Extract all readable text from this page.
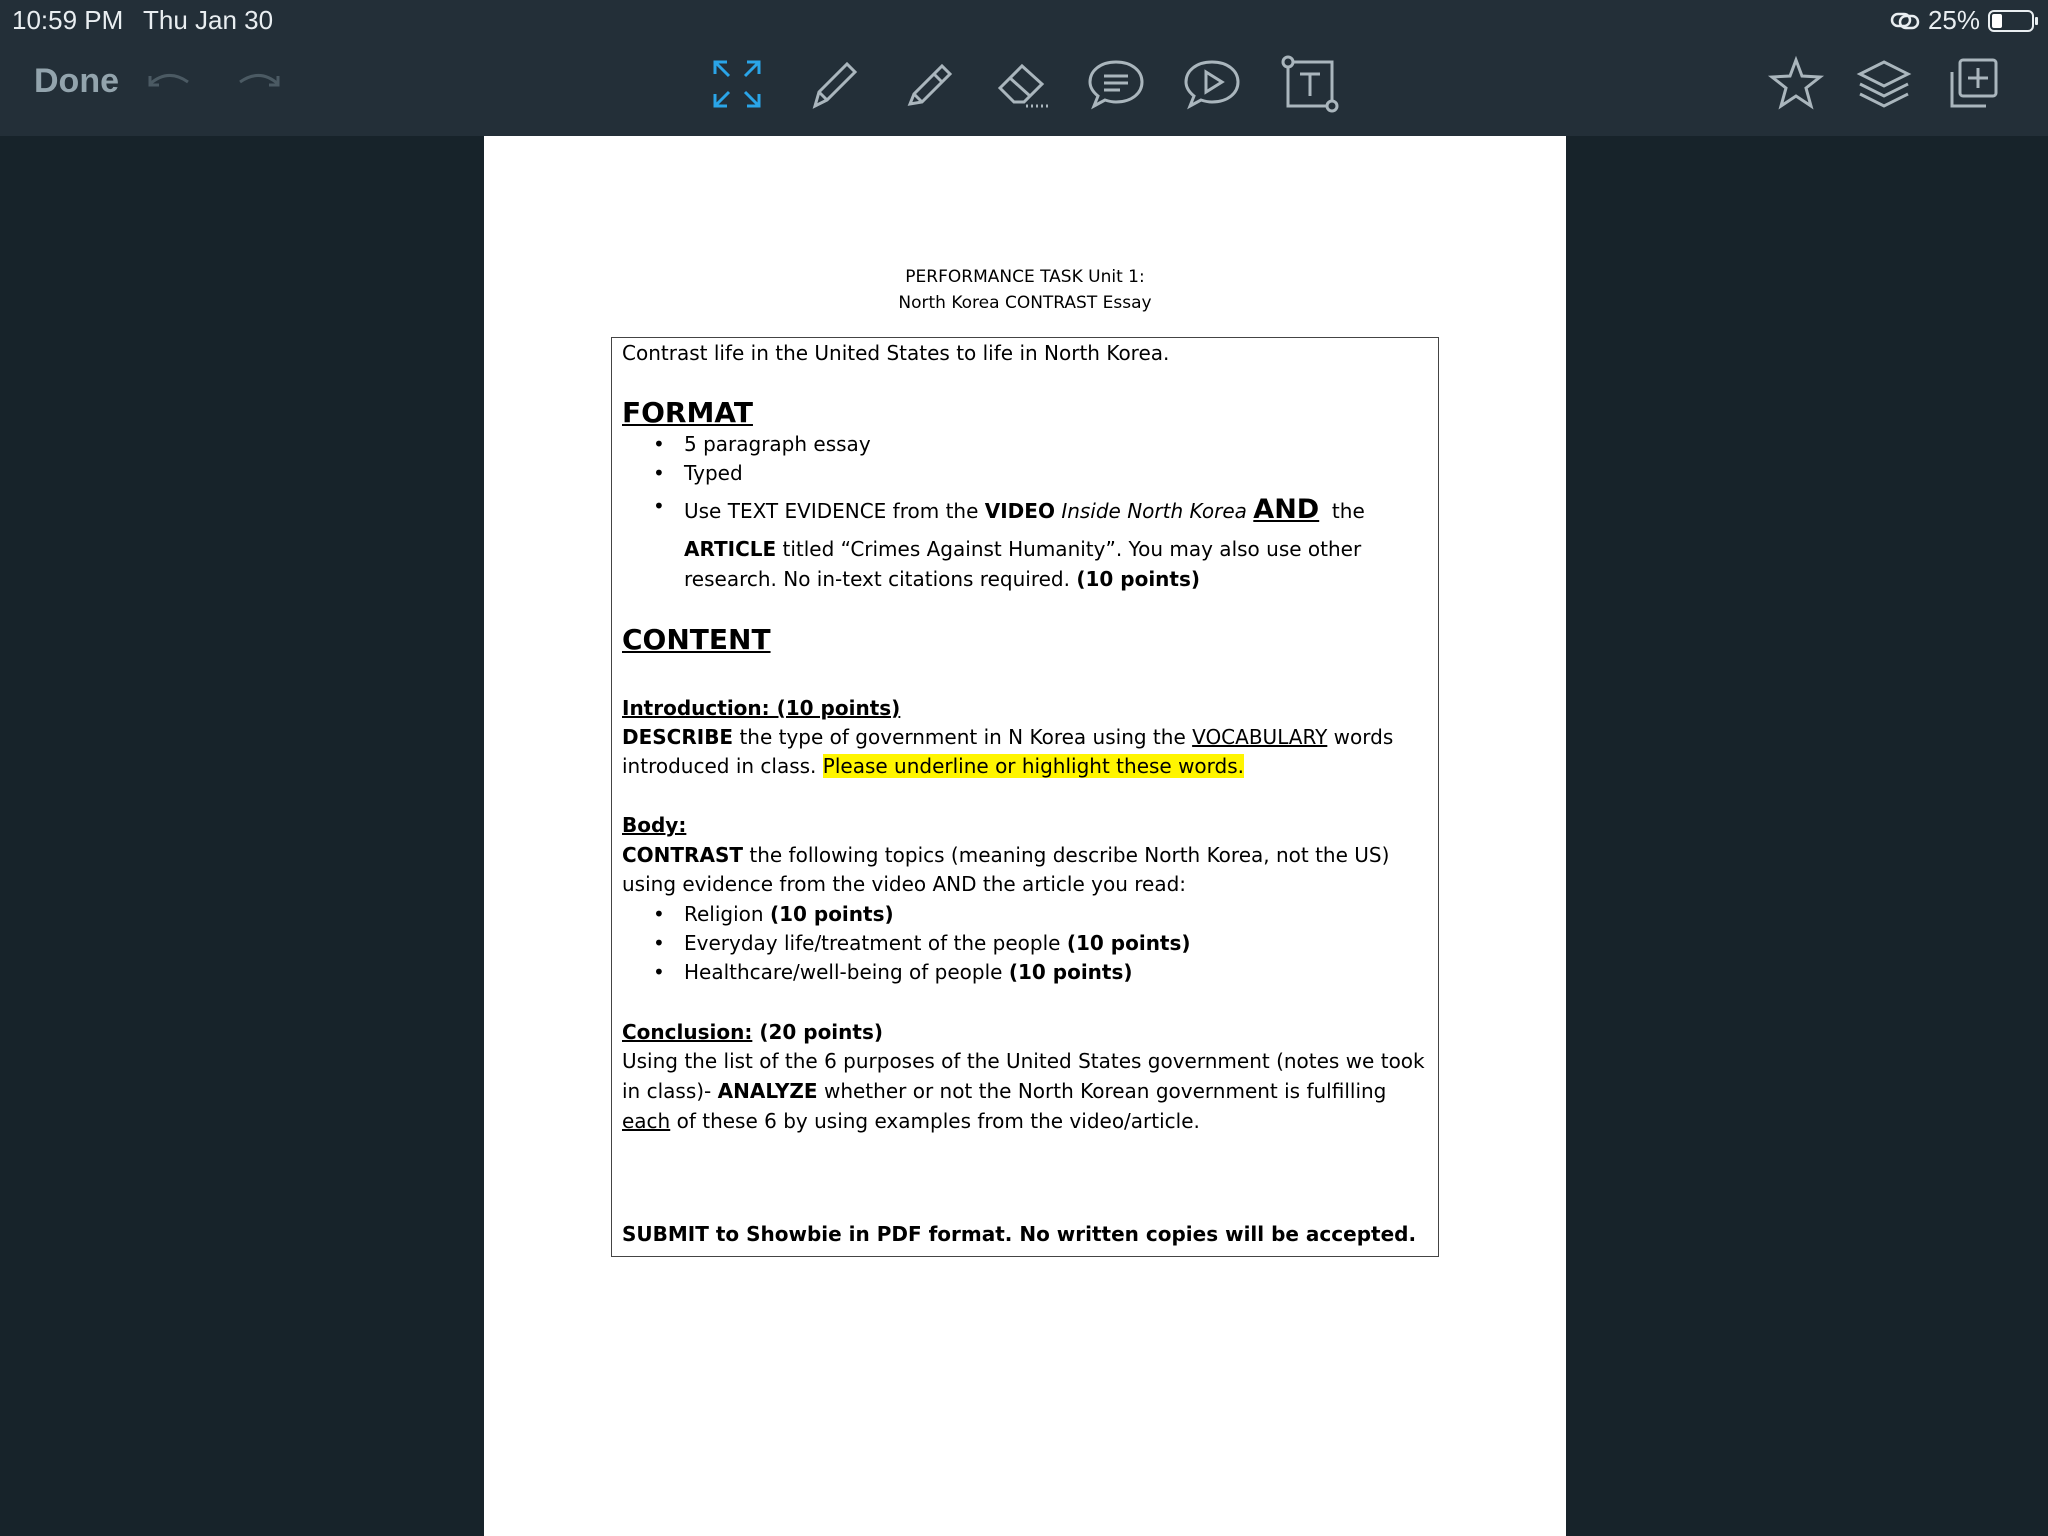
10:59 PM Thu Jan 30	25%
Done
PERFORMANCE TASK Unit 1:
North Korea CONTRAST Essay
Contrast life in the United States to life in North Korea.
FORMAT
• 5 paragraph essay
• Typed
• Use TEXT EVIDENCE from the VIDEO Inside North Korea AND the
ARTICLE titled “Crimes Against Humanity”. You may also use other
research. No in-text citations required. (10 points)
CONTENT
Introduction: (10 points)
DESCRIBE the type of government in N Korea using the VOCABULARY words
introduced in class. Please underline or highlight these words.
Body:
CONTRAST the following topics (meaning describe North Korea, not the US)
using evidence from the video AND the article you read:
• Religion (10 points)
• Everyday life/treatment of the people (10 points)
• Healthcare/well-being of people (10 points)
Conclusion: (20 points)
Using the list of the 6 purposes of the United States government (notes we took
in class)- ANALYZE whether or not the North Korean government is fulfilling
each of these 6 by using examples from the video/article.
SUBMIT to Showbie in PDF format. No written copies will be accepted.
